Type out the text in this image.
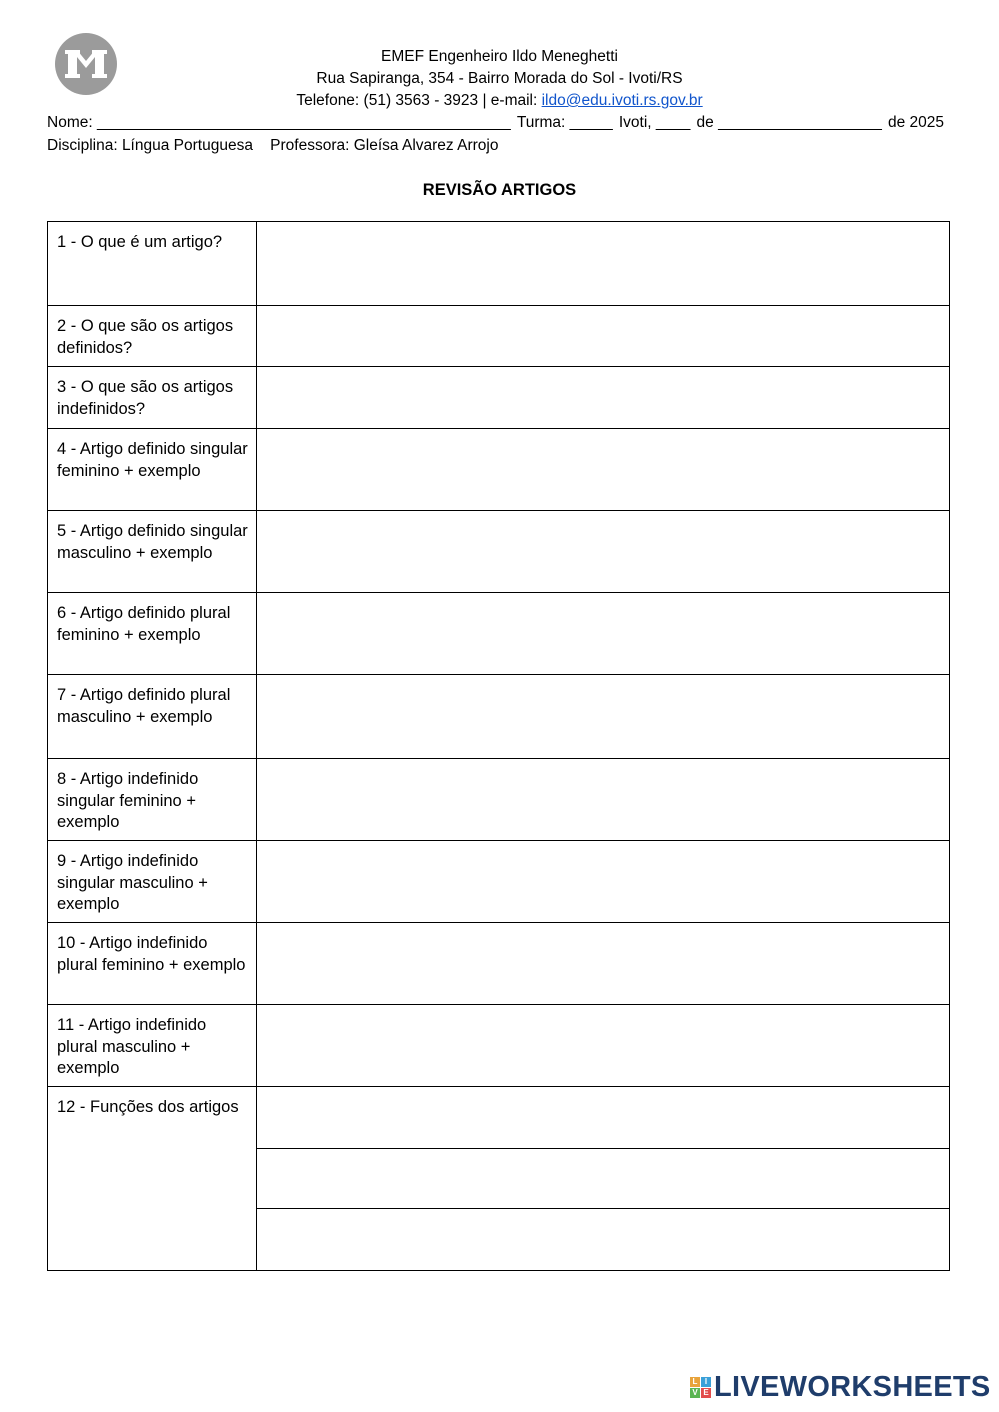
EMEF Engenheiro Ildo Meneghetti
Rua Sapiranga, 354 - Bairro Morada do Sol - Ivoti/RS
Telefone: (51) 3563 - 3923 | e-mail: ildo@edu.ivoti.rs.gov.br
Nome: ________________________________________________ Turma: _____ Ivoti, ____ de ___________________ de 2025
Disciplina: Língua Portuguesa Professora: Gleísa Alvarez Arrojo
REVISÃO ARTIGOS
1 - O que é um artigo?	

2 - O que são os artigos definidos?	

3 - O que são os artigos indefinidos?	

4 - Artigo definido singular feminino + exemplo	

5 - Artigo definido singular masculino + exemplo	

6 - Artigo definido plural feminino + exemplo	

7 - Artigo definido plural masculino + exemplo	

8 - Artigo indefinido singular feminino + exemplo	

9 - Artigo indefinido singular masculino + exemplo	

10 - Artigo indefinido plural feminino + exemplo	

11 - Artigo indefinido plural masculino + exemplo	

12 - Funções dos artigos	

L I
V E LIVEWORKSHEETS
